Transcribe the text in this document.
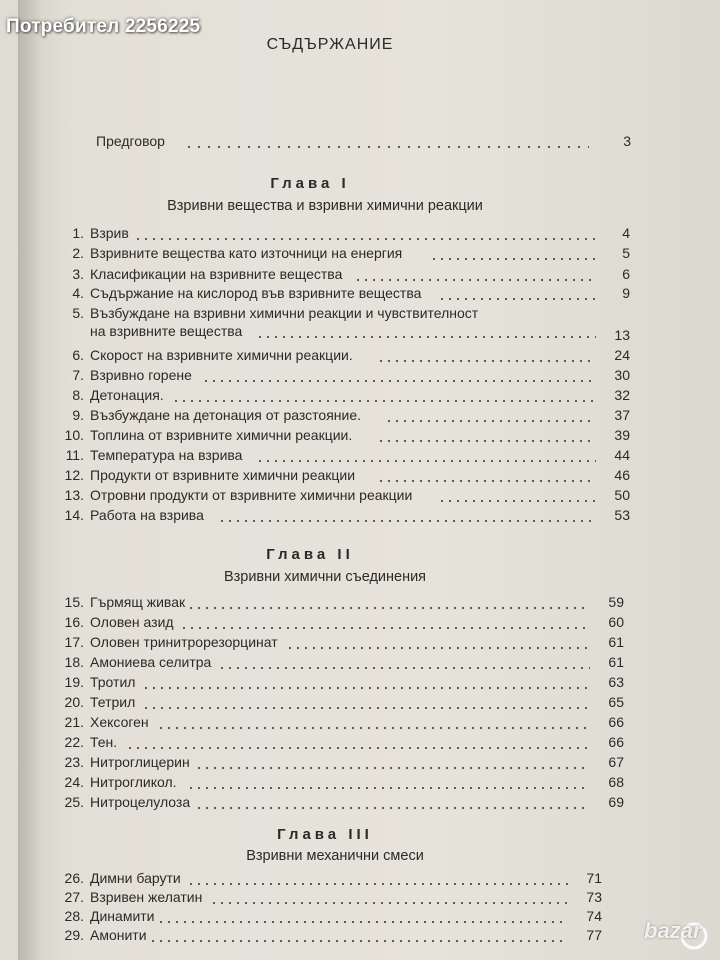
Потребител 2256225
СЪДЪРЖАНИЕ
Предговор	3
Глава I
Взривни вещества и взривни химични реакции
1. Взрив	4
2. Взривните вещества като източници на енергия	5
3. Класификации на взривните вещества	6
4. Съдържание на кислород във взривните вещества	9
5. Възбуждане на взривни химични реакции и чувствителност
на взривните вещества	13
6. Скорост на взривните химични реакции.	24
7. Взривно горене	30
8. Детонация.	32
9. Възбуждане на детонация от разстояние.	37
10. Топлина от взривните химични реакции.	39
11. Температура на взрива	44
12. Продукти от взривните химични реакции	46
13. Отровни продукти от взривните химични реакции	50
14. Работа на взрива	53
Глава II
Взривни химични съединения
15. Гърмящ живак	59
16. Оловен азид	60
17. Оловен тринитрорезорцинат	61
18. Амониева селитра	61
19. Тротил	63
20. Тетрил	65
21. Хексоген	66
22. Тен.	66
23. Нитроглицерин	67
24. Нитрогликол.	68
25. Нитроцелулоза	69
Глава III
Взривни механични смеси
26. Димни барути	71
27. Взривен желатин	73
28. Динамити	74
29. Амонити	77 bazar
